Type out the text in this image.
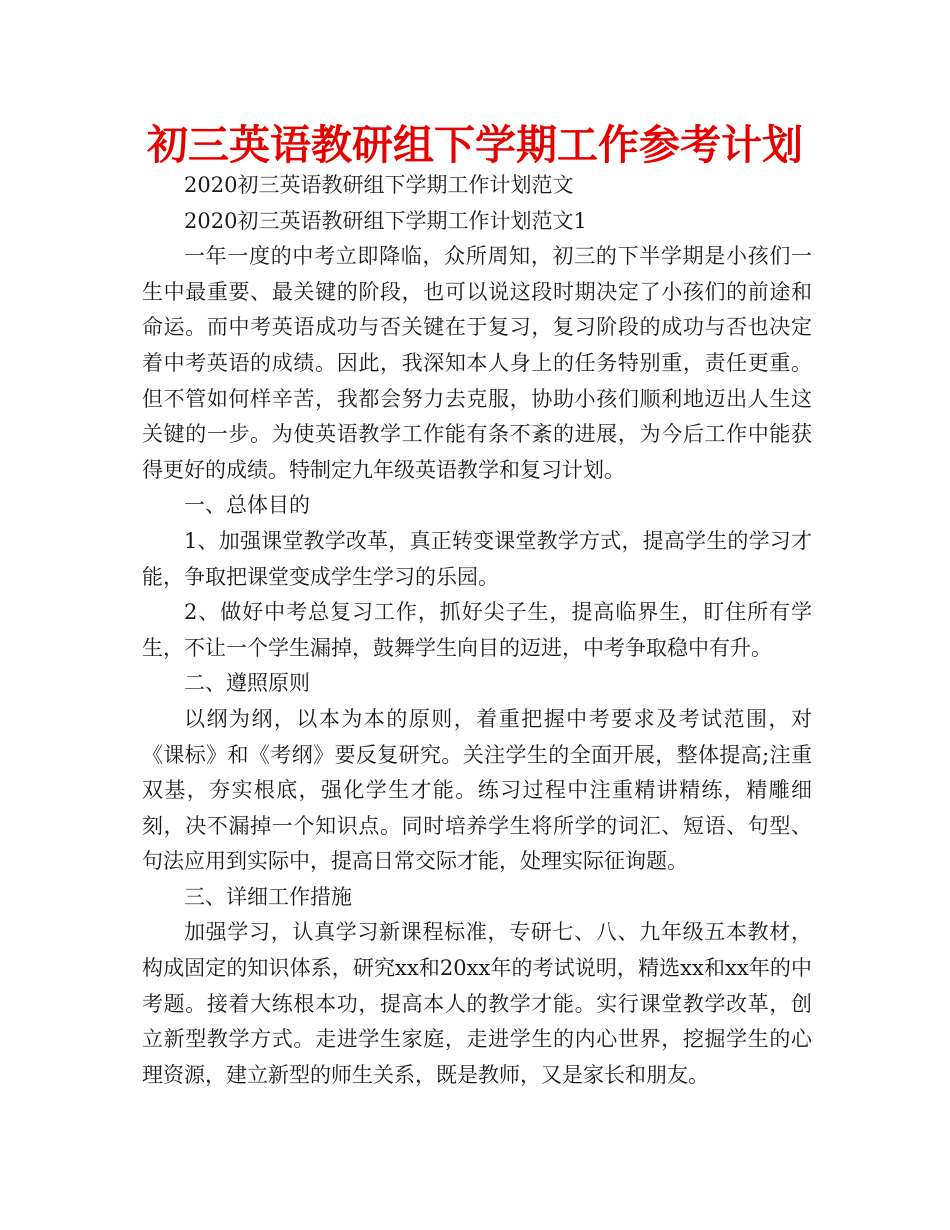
初三英语教研组下学期工作参考计划

2020初三英语教研组下学期工作计划范文

2020初三英语教研组下学期工作计划范文1

一年一度的中考立即降临，众所周知，初三的下半学期是小孩们一生中最重要、最关键的阶段，也可以说这段时期决定了小孩们的前途和命运。而中考英语成功与否关键在于复习，复习阶段的成功与否也决定着中考英语的成绩。因此，我深知本人身上的任务特别重，责任更重。但不管如何样辛苦，我都会努力去克服，协助小孩们顺利地迈出人生这关键的一步。为使英语教学工作能有条不紊的进展，为今后工作中能获得更好的成绩。特制定九年级英语教学和复习计划。

一、总体目的

1、加强课堂教学改革，真正转变课堂教学方式，提高学生的学习才能，争取把课堂变成学生学习的乐园。

2、做好中考总复习工作，抓好尖子生，提高临界生，盯住所有学生，不让一个学生漏掉，鼓舞学生向目的迈进，中考争取稳中有升。

二、遵照原则

以纲为纲，以本为本的原则，着重把握中考要求及考试范围，对《课标》和《考纲》要反复研究。关注学生的全面开展，整体提高;注重双基，夯实根底，强化学生才能。练习过程中注重精讲精练，精雕细刻，决不漏掉一个知识点。同时培养学生将所学的词汇、短语、句型、句法应用到实际中，提高日常交际才能，处理实际征询题。

三、详细工作措施

加强学习，认真学习新课程标准，专研七、八、九年级五本教材，构成固定的知识体系，研究xx和20xx年的考试说明，精选xx和xx年的中考题。接着大练根本功，提高本人的教学才能。实行课堂教学改革，创立新型教学方式。走进学生家庭，走进学生的内心世界，挖掘学生的心理资源，建立新型的师生关系，既是教师，又是家长和朋友。
